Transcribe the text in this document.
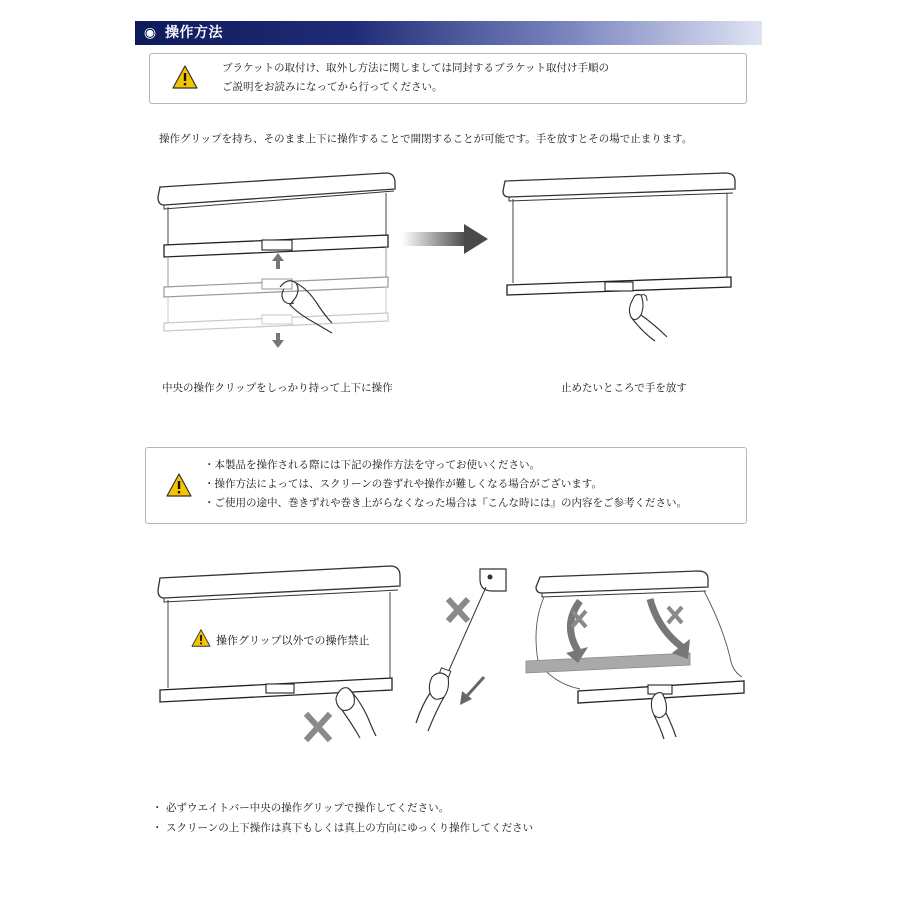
◉ 操作方法
ブラケットの取付け、取外し方法に関しましては同封するブラケット取付け手順の
ご説明をお読みになってから行ってください。
操作グリップを持ち、そのまま上下に操作することで開閉することが可能です。手を放すとその場で止まります。
中央の操作クリップをしっかり持って上下に操作	止めたいところで手を放す
・本製品を操作される際には下記の操作方法を守ってお使いください。
・操作方法によっては、スクリーンの巻ずれや操作が難しくなる場合がございます。
・ご使用の途中、巻きずれや巻き上がらなくなった場合は『こんな時には』の内容をご参考ください。
操作グリップ以外での操作禁止
・ 必ずウエイトバー中央の操作グリップで操作してください。
・ スクリーンの上下操作は真下もしくは真上の方向にゆっくり操作してください
